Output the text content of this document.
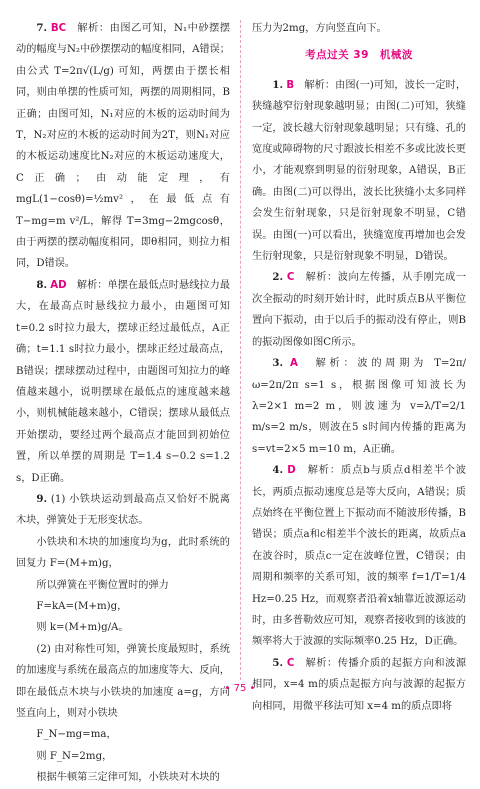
7. BC　 解析：由图乙可知，N₁中砂摆摆动的幅度与N₂中砂摆摆动的幅度相同，A错误；由公式 T=2π√(L/g) 可知，两摆由于摆长相同，则由单摆的性质可知，两摆的周期相同，B正确；由图可知，N₁对应的木板的运动时间为T，N₂对应的木板的运动时间为2T，则N₁对应的木板运动速度比N₂对应的木板运动速度大，C正确；由动能定理，有 mgL(1−cosθ)=½mv²，在最低点有 T−mg=m v²/L，解得 T=3mg−2mgcosθ，由于两摆的摆动幅度相同，即θ相同，则拉力相同，D错误。

8. AD　 解析：单摆在最低点时悬线拉力最大，在最高点时悬线拉力最小，由题图可知 t=0.2 s时拉力最大，摆球正经过最低点，A正确；t=1.1 s时拉力最小，摆球正经过最高点，B错误；摆球摆动过程中，由题图可知拉力的峰值越来越小，说明摆球在最低点的速度越来越小，则机械能越来越小，C错误；摆球从最低点开始摆动，要经过两个最高点才能回到初始位置，所以单摆的周期是 T=1.4 s−0.2 s=1.2 s，D正确。

9. (1) 小铁块运动到最高点又恰好不脱离木块，弹簧处于无形变状态。

小铁块和木块的加速度均为g，此时系统的回复力 F=(M+m)g，

所以弹簧在平衡位置时的弹力

F=kA=(M+m)g，

则 k=(M+m)g/A。

(2) 由对称性可知，弹簧长度最短时，系统的加速度与系统在最高点的加速度等大、反向，即在最低点木块与小铁块的加速度 a=g，方向竖直向上，则对小铁块

F_N−mg=ma，

则 F_N=2mg，

根据牛顿第三定律可知，小铁块对木块的

压力为2mg，方向竖直向下。

考点过关 39　机械波

1. B　 解析：由图(一)可知，波长一定时，狭缝越窄衍射现象越明显；由图(二)可知，狭缝一定，波长越大衍射现象越明显；只有缝、孔的宽度或障碍物的尺寸跟波长相差不多或比波长更小，才能观察到明显的衍射现象，A错误，B正确。由图(二)可以得出，波长比狭缝小太多同样会发生衍射现象，只是衍射现象不明显，C错误。由图(一)可以看出，狭缝宽度再增加也会发生衍射现象，只是衍射现象不明显，D错误。

2. C　 解析：波向左传播，从手刚完成一次全振动的时刻开始计时，此时质点B从平衡位置向下振动，由于以后手的振动没有停止，则B的振动图像如图C所示。

3. A　 解析：波的周期为 T=2π/ω=2π/2π s=1 s，根据图像可知波长为 λ=2×1 m=2 m，则波速为 v=λ/T=2/1 m/s=2 m/s，则波在5 s时间内传播的距离为 s=vt=2×5 m=10 m，A正确。

4. D　 解析：质点b与质点d相差半个波长，两质点振动速度总是等大反向，A错误；质点始终在平衡位置上下振动而不随波形传播，B错误；质点a和c相差半个波长的距离，故质点a在波谷时，质点c一定在波峰位置，C错误；由周期和频率的关系可知，波的频率 f=1/T=1/4 Hz=0.25 Hz，而观察者沿着x轴靠近波源运动时，由多普勒效应可知，观察者接收到的该波的频率将大于波源的实际频率0.25 Hz，D正确。

5. C　 解析：传播介质的起振方向和波源相同，x=4 m的质点起振方向与波源的起振方向相同，用微平移法可知 x=4 m的质点即将

• 75 •
